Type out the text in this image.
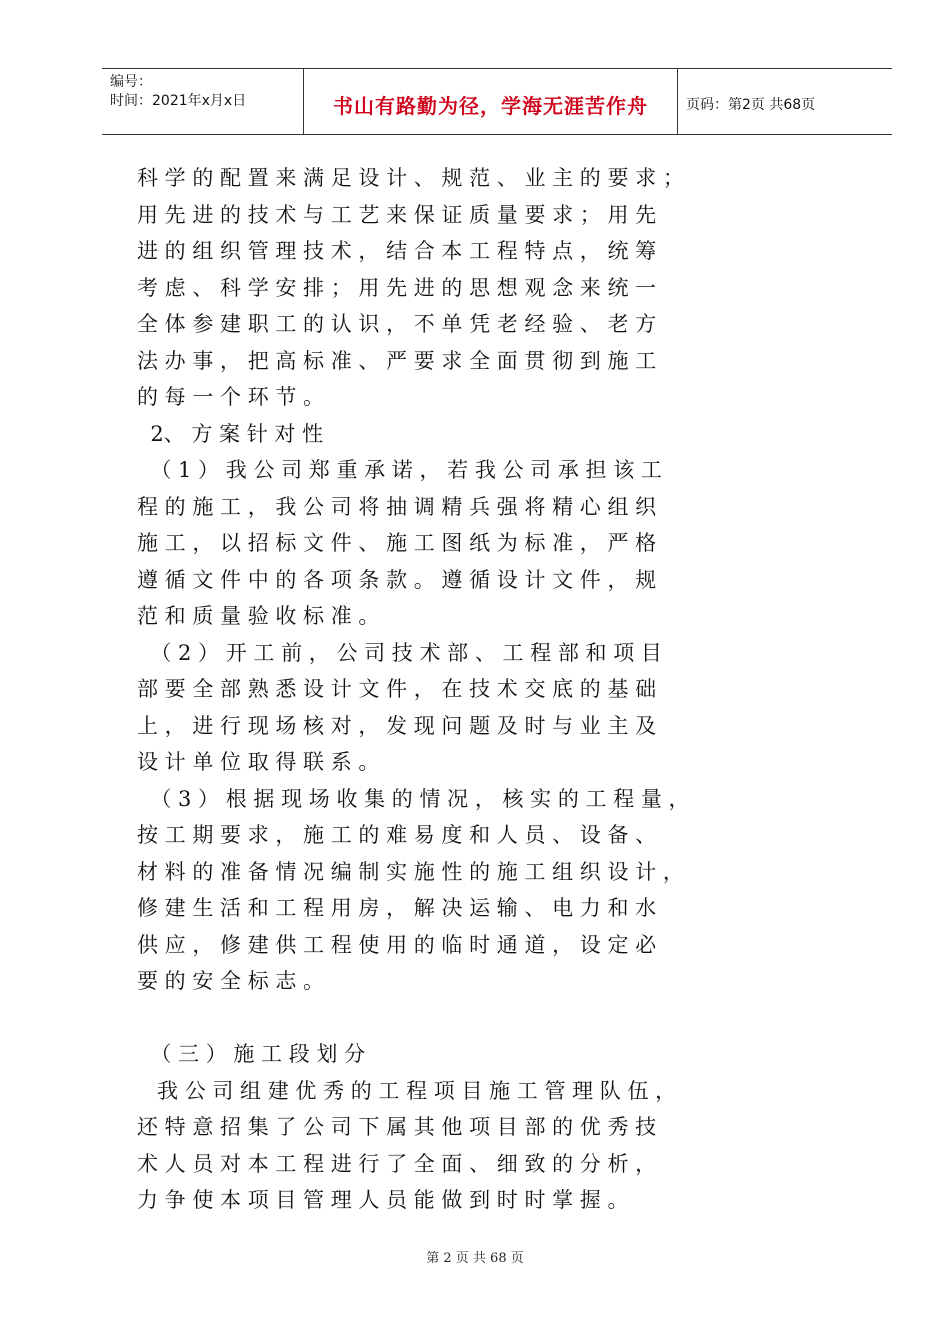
编号：
时间：2021年x月x日	书山有路勤为径，学海无涯苦作舟	页码：第2页 共68页
科 学 的 配 置 来 满 足 设 计 、 规 范 、 业 主 的 要 求 ；
用 先 进 的 技 术 与 工 艺 来 保 证 质 量 要 求 ； 用 先
进 的 组 织 管 理 技 术 ， 结 合 本 工 程 特 点 ， 统 筹
考 虑 、 科 学 安 排 ； 用 先 进 的 思 想 观 念 来 统 一
全 体 参 建 职 工 的 认 识 ， 不 单 凭 老 经 验 、 老 方
法 办 事 ， 把 高 标 准 、 严 要 求 全 面 贯 彻 到 施 工
的 每 一 个 环 节 。
2、 方 案 针 对 性
（ 1 ） 我 公 司 郑 重 承 诺 ， 若 我 公 司 承 担 该 工
程 的 施 工 ， 我 公 司 将 抽 调 精 兵 强 将 精 心 组 织
施 工 ， 以 招 标 文 件 、 施 工 图 纸 为 标 准 ， 严 格
遵 循 文 件 中 的 各 项 条 款 。 遵 循 设 计 文 件 ， 规
范 和 质 量 验 收 标 准 。
（ 2 ） 开 工 前 ， 公 司 技 术 部 、 工 程 部 和 项 目
部 要 全 部 熟 悉 设 计 文 件 ， 在 技 术 交 底 的 基 础
上 ， 进 行 现 场 核 对 ， 发 现 问 题 及 时 与 业 主 及
设 计 单 位 取 得 联 系 。
（ 3 ） 根 据 现 场 收 集 的 情 况 ， 核 实 的 工 程 量 ，
按 工 期 要 求 ， 施 工 的 难 易 度 和 人 员 、 设 备 、
材 料 的 准 备 情 况 编 制 实 施 性 的 施 工 组 织 设 计 ，
修 建 生 活 和 工 程 用 房 ， 解 决 运 输 、 电 力 和 水
供 应 ， 修 建 供 工 程 使 用 的 临 时 通 道 ， 设 定 必
要 的 安 全 标 志 。
（ 三 ） 施 工 段 划 分
我 公 司 组 建 优 秀 的 工 程 项 目 施 工 管 理 队 伍 ，
还 特 意 招 集 了 公 司 下 属 其 他 项 目 部 的 优 秀 技
术 人 员 对 本 工 程 进 行 了 全 面 、 细 致 的 分 析 ，
力 争 使 本 项 目 管 理 人 员 能 做 到 时 时 掌 握 。
第 2 页 共 68 页
